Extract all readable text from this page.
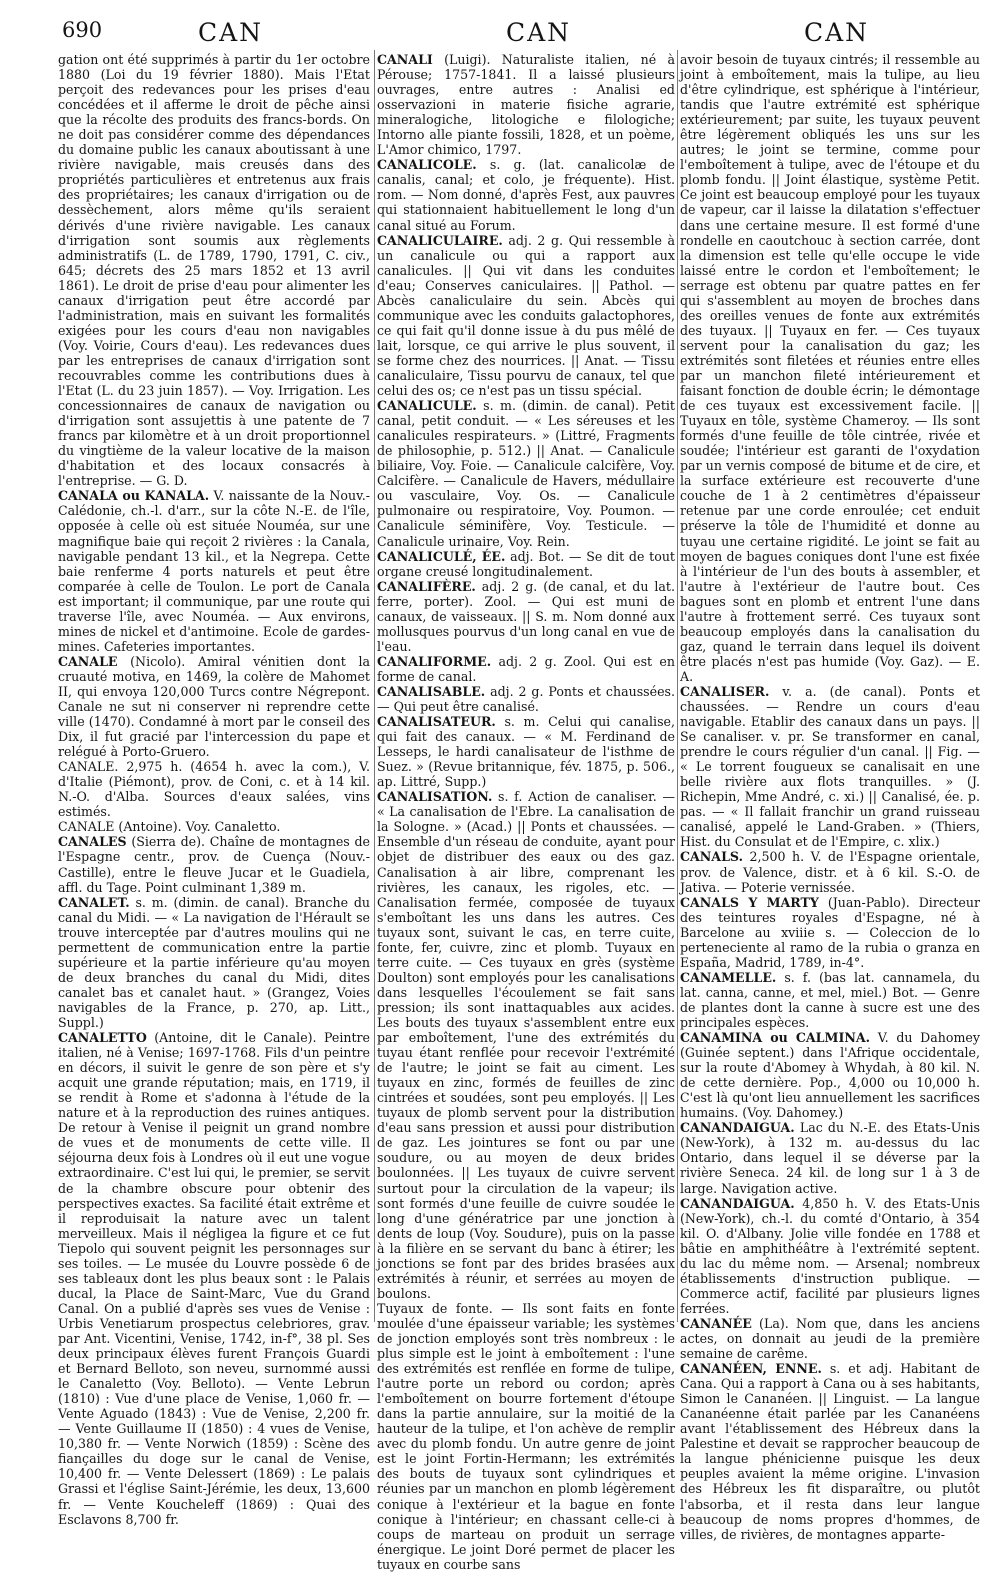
690	CAN	CAN	CAN

gation ont été supprimés à partir du 1er octobre 1880 (Loi du 19 février 1880). Mais l'Etat perçoit des redevances pour les prises d'eau concédées et il afferme le droit de pêche ainsi que la récolte des produits des francs-bords. On ne doit pas considérer comme des dépendances du domaine public les canaux aboutissant à une rivière navigable, mais creusés dans des propriétés particulières et entretenus aux frais des propriétaires; les canaux d'irrigation ou de dessèchement, alors même qu'ils seraient dérivés d'une rivière navigable. Les canaux d'irrigation sont soumis aux règlements administratifs (L. de 1789, 1790, 1791, C. civ., 645; décrets des 25 mars 1852 et 13 avril 1861). Le droit de prise d'eau pour alimenter les canaux d'irrigation peut être accordé par l'administration, mais en suivant les formalités exigées pour les cours d'eau non navigables (Voy. Voirie, Cours d'eau). Les redevances dues par les entreprises de canaux d'irrigation sont recouvrables comme les contributions dues à l'Etat (L. du 23 juin 1857). — Voy. Irrigation. Les concessionnaires de canaux de navigation ou d'irrigation sont assujettis à une patente de 7 francs par kilomètre et à un droit proportionnel du vingtième de la valeur locative de la maison d'habitation et des locaux consacrés à l'entreprise. — G. D.

CANALA ou KANALA. V. naissante de la Nouv.-Calédonie, ch.-l. d'arr., sur la côte N.-E. de l'île, opposée à celle où est située Nouméa, sur une magnifique baie qui reçoit 2 rivières : la Canala, navigable pendant 13 kil., et la Negrepa. Cette baie renferme 4 ports naturels et peut être comparée à celle de Toulon. Le port de Canala est important; il communique, par une route qui traverse l'île, avec Nouméa. — Aux environs, mines de nickel et d'antimoine. Ecole de gardes-mines. Cafeteries importantes.

CANALE (Nicolo). Amiral vénitien dont la cruauté motiva, en 1469, la colère de Mahomet II, qui envoya 120,000 Turcs contre Négrepont. Canale ne sut ni conserver ni reprendre cette ville (1470). Condamné à mort par le conseil des Dix, il fut gracié par l'intercession du pape et relégué à Porto-Gruero.

CANALE. 2,975 h. (4654 h. avec la com.), V. d'Italie (Piémont), prov. de Coni, c. et à 14 kil. N.-O. d'Alba. Sources d'eaux salées, vins estimés.

CANALE (Antoine). Voy. Canaletto.

CANALES (Sierra de). Chaîne de montagnes de l'Espagne centr., prov. de Cuença (Nouv.-Castille), entre le fleuve Jucar et le Guadiela, affl. du Tage. Point culminant 1,389 m.

CANALET. s. m. (dimin. de canal). Branche du canal du Midi. — « La navigation de l'Hérault se trouve interceptée par d'autres moulins qui ne permettent de communication entre la partie supérieure et la partie inférieure qu'au moyen de deux branches du canal du Midi, dites canalet bas et canalet haut. » (Grangez, Voies navigables de la France, p. 270, ap. Litt., Suppl.)

CANALETTO (Antoine, dit le Canale). Peintre italien, né à Venise; 1697-1768. Fils d'un peintre en décors, il suivit le genre de son père et s'y acquit une grande réputation; mais, en 1719, il se rendit à Rome et s'adonna à l'étude de la nature et à la reproduction des ruines antiques. De retour à Venise il peignit un grand nombre de vues et de monuments de cette ville. Il séjourna deux fois à Londres où il eut une vogue extraordinaire. C'est lui qui, le premier, se servit de la chambre obscure pour obtenir des perspectives exactes. Sa facilité était extrême et il reproduisait la nature avec un talent merveilleux. Mais il négligea la figure et ce fut Tiepolo qui souvent peignit les personnages sur ses toiles. — Le musée du Louvre possède 6 de ses tableaux dont les plus beaux sont : le Palais ducal, la Place de Saint-Marc, Vue du Grand Canal. On a publié d'après ses vues de Venise : Urbis Venetiarum prospectus celebriores, grav. par Ant. Vicentini, Venise, 1742, in-f°, 38 pl. Ses deux principaux élèves furent François Guardi et Bernard Belloto, son neveu, surnommé aussi le Canaletto (Voy. Belloto). — Vente Lebrun (1810) : Vue d'une place de Venise, 1,060 fr. — Vente Aguado (1843) : Vue de Venise, 2,200 fr. — Vente Guillaume II (1850) : 4 vues de Venise, 10,380 fr. — Vente Norwich (1859) : Scène des fiançailles du doge sur le canal de Venise, 10,400 fr. — Vente Delessert (1869) : Le palais Grassi et l'église Saint-Jérémie, les deux, 13,600 fr. — Vente Koucheleff (1869) : Quai des Esclavons 8,700 fr.

CANALI (Luigi). Naturaliste italien, né à Pérouse; 1757-1841. Il a laissé plusieurs ouvrages, entre autres : Analisi ed osservazioni in materie fisiche agrarie, mineralogiche, litologiche e filologiche; Intorno alle piante fossili, 1828, et un poème, L'Amor chimico, 1797.

CANALICOLE. s. g. (lat. canalicolæ de canalis, canal; et colo, je fréquente). Hist. rom. — Nom donné, d'après Fest, aux pauvres qui stationnaient habituellement le long d'un canal situé au Forum.

CANALICULAIRE. adj. 2 g. Qui ressemble à un canalicule ou qui a rapport aux canalicules. || Qui vit dans les conduites d'eau; Conserves caniculaires. || Pathol. — Abcès canaliculaire du sein. Abcès qui communique avec les conduits galactophores, ce qui fait qu'il donne issue à du pus mêlé de lait, lorsque, ce qui arrive le plus souvent, il se forme chez des nourrices. || Anat. — Tissu canaliculaire, Tissu pourvu de canaux, tel que celui des os; ce n'est pas un tissu spécial.

CANALICULE. s. m. (dimin. de canal). Petit canal, petit conduit. — « Les séreuses et les canalicules respirateurs. » (Littré, Fragments de philosophie, p. 512.) || Anat. — Canalicule biliaire, Voy. Foie. — Canalicule calcifère, Voy. Calcifère. — Canalicule de Havers, médullaire ou vasculaire, Voy. Os. — Canalicule pulmonaire ou respiratoire, Voy. Poumon. — Canalicule séminifère, Voy. Testicule. — Canalicule urinaire, Voy. Rein.

CANALICULÉ, ÉE. adj. Bot. — Se dit de tout organe creusé longitudinalement.

CANALIFÈRE. adj. 2 g. (de canal, et du lat. ferre, porter). Zool. — Qui est muni de canaux, de vaisseaux. || S. m. Nom donné aux mollusques pourvus d'un long canal en vue de l'eau.

CANALIFORME. adj. 2 g. Zool. Qui est en forme de canal.

CANALISABLE. adj. 2 g. Ponts et chaussées. — Qui peut être canalisé.

CANALISATEUR. s. m. Celui qui canalise, qui fait des canaux. — « M. Ferdinand de Lesseps, le hardi canalisateur de l'isthme de Suez. » (Revue britannique, fév. 1875, p. 506., ap. Littré, Supp.)

CANALISATION. s. f. Action de canaliser. — « La canalisation de l'Ebre. La canalisation de la Sologne. » (Acad.) || Ponts et chaussées. — Ensemble d'un réseau de conduite, ayant pour objet de distribuer des eaux ou des gaz. Canalisation à air libre, comprenant les rivières, les canaux, les rigoles, etc. — Canalisation fermée, composée de tuyaux s'emboîtant les uns dans les autres. Ces tuyaux sont, suivant le cas, en terre cuite, fonte, fer, cuivre, zinc et plomb. Tuyaux en terre cuite. — Ces tuyaux en grès (système Doulton) sont employés pour les canalisations dans lesquelles l'écoulement se fait sans pression; ils sont inattaquables aux acides. Les bouts des tuyaux s'assemblent entre eux par emboîtement, l'une des extrémités du tuyau étant renflée pour recevoir l'extrémité de l'autre; le joint se fait au ciment. Les tuyaux en zinc, formés de feuilles de zinc cintrées et soudées, sont peu employés. || Les tuyaux de plomb servent pour la distribution d'eau sans pression et aussi pour distribution de gaz. Les jointures se font ou par une soudure, ou au moyen de deux brides boulonnées. || Les tuyaux de cuivre servent surtout pour la circulation de la vapeur; ils sont formés d'une feuille de cuivre soudée le long d'une génératrice par une jonction à dents de loup (Voy. Soudure), puis on la passe à la filière en se servant du banc à étirer; les jonctions se font par des brides brasées aux extrémités à réunir, et serrées au moyen de boulons.

Tuyaux de fonte. — Ils sont faits en fonte moulée d'une épaisseur variable; les systèmes de jonction employés sont très nombreux : le plus simple est le joint à emboîtement : l'une des extrémités est renflée en forme de tulipe, l'autre porte un rebord ou cordon; après l'emboîtement on bourre fortement d'étoupe dans la partie annulaire, sur la moitié de la hauteur de la tulipe, et l'on achève de remplir avec du plomb fondu. Un autre genre de joint est le joint Fortin-Hermann; les extrémités des bouts de tuyaux sont cylindriques et réunies par un manchon en plomb légèrement conique à l'extérieur et la bague en fonte conique à l'intérieur; en chassant celle-ci à coups de marteau on produit un serrage énergique. Le joint Doré permet de placer les tuyaux en courbe sans

avoir besoin de tuyaux cintrés; il ressemble au joint à emboîtement, mais la tulipe, au lieu d'être cylindrique, est sphérique à l'intérieur, tandis que l'autre extrémité est sphérique extérieurement; par suite, les tuyaux peuvent être légèrement obliqués les uns sur les autres; le joint se termine, comme pour l'emboîtement à tulipe, avec de l'étoupe et du plomb fondu. || Joint élastique, système Petit. Ce joint est beaucoup employé pour les tuyaux de vapeur, car il laisse la dilatation s'effectuer dans une certaine mesure. Il est formé d'une rondelle en caoutchouc à section carrée, dont la dimension est telle qu'elle occupe le vide laissé entre le cordon et l'emboîtement; le serrage est obtenu par quatre pattes en fer qui s'assemblent au moyen de broches dans des oreilles venues de fonte aux extrémités des tuyaux. || Tuyaux en fer. — Ces tuyaux servent pour la canalisation du gaz; les extrémités sont filetées et réunies entre elles par un manchon fileté intérieurement et faisant fonction de double écrin; le démontage de ces tuyaux est excessivement facile. || Tuyaux en tôle, système Chameroy. — Ils sont formés d'une feuille de tôle cintrée, rivée et soudée; l'intérieur est garanti de l'oxydation par un vernis composé de bitume et de cire, et la surface extérieure est recouverte d'une couche de 1 à 2 centimètres d'épaisseur retenue par une corde enroulée; cet enduit préserve la tôle de l'humidité et donne au tuyau une certaine rigidité. Le joint se fait au moyen de bagues coniques dont l'une est fixée à l'intérieur de l'un des bouts à assembler, et l'autre à l'extérieur de l'autre bout. Ces bagues sont en plomb et entrent l'une dans l'autre à frottement serré. Ces tuyaux sont beaucoup employés dans la canalisation du gaz, quand le terrain dans lequel ils doivent être placés n'est pas humide (Voy. Gaz). — E. A.

CANALISER. v. a. (de canal). Ponts et chaussées. — Rendre un cours d'eau navigable. Etablir des canaux dans un pays. || Se canaliser. v. pr. Se transformer en canal, prendre le cours régulier d'un canal. || Fig. — « Le torrent fougueux se canalisait en une belle rivière aux flots tranquilles. » (J. Richepin, Mme André, c. xi.) || Canalisé, ée. p. pas. — « Il fallait franchir un grand ruisseau canalisé, appelé le Land-Graben. » (Thiers, Hist. du Consulat et de l'Empire, c. xlix.)

CANALS. 2,500 h. V. de l'Espagne orientale, prov. de Valence, distr. et à 6 kil. S.-O. de Jativa. — Poterie vernissée.

CANALS Y MARTY (Juan-Pablo). Directeur des teintures royales d'Espagne, né à Barcelone au xviiie s. — Coleccion de lo perteneciente al ramo de la rubia o granza en España, Madrid, 1789, in-4°.

CANAMELLE. s. f. (bas lat. cannamela, du lat. canna, canne, et mel, miel.) Bot. — Genre de plantes dont la canne à sucre est une des principales espèces.

CANAMINA ou CALMINA. V. du Dahomey (Guinée septent.) dans l'Afrique occidentale, sur la route d'Abomey à Whydah, à 80 kil. N. de cette dernière. Pop., 4,000 ou 10,000 h. C'est là qu'ont lieu annuellement les sacrifices humains. (Voy. Dahomey.)

CANANDAIGUA. Lac du N.-E. des Etats-Unis (New-York), à 132 m. au-dessus du lac Ontario, dans lequel il se déverse par la rivière Seneca. 24 kil. de long sur 1 à 3 de large. Navigation active.

CANANDAIGUA. 4,850 h. V. des Etats-Unis (New-York), ch.-l. du comté d'Ontario, à 354 kil. O. d'Albany. Jolie ville fondée en 1788 et bâtie en amphithéâtre à l'extrémité septent. du lac du même nom. — Arsenal; nombreux établissements d'instruction publique. — Commerce actif, facilité par plusieurs lignes ferrées.

CANANÉE (La). Nom que, dans les anciens actes, on donnait au jeudi de la première semaine de carême.

CANANÉEN, ENNE. s. et adj. Habitant de Cana. Qui a rapport à Cana ou à ses habitants, Simon le Cananéen. || Linguist. — La langue Cananéenne était parlée par les Cananéens avant l'établissement des Hébreux dans la Palestine et devait se rapprocher beaucoup de la langue phénicienne puisque les deux peuples avaient la même origine. L'invasion des Hébreux les fit disparaître, ou plutôt l'absorba, et il resta dans leur langue beaucoup de noms propres d'hommes, de villes, de rivières, de montagnes apparte-
